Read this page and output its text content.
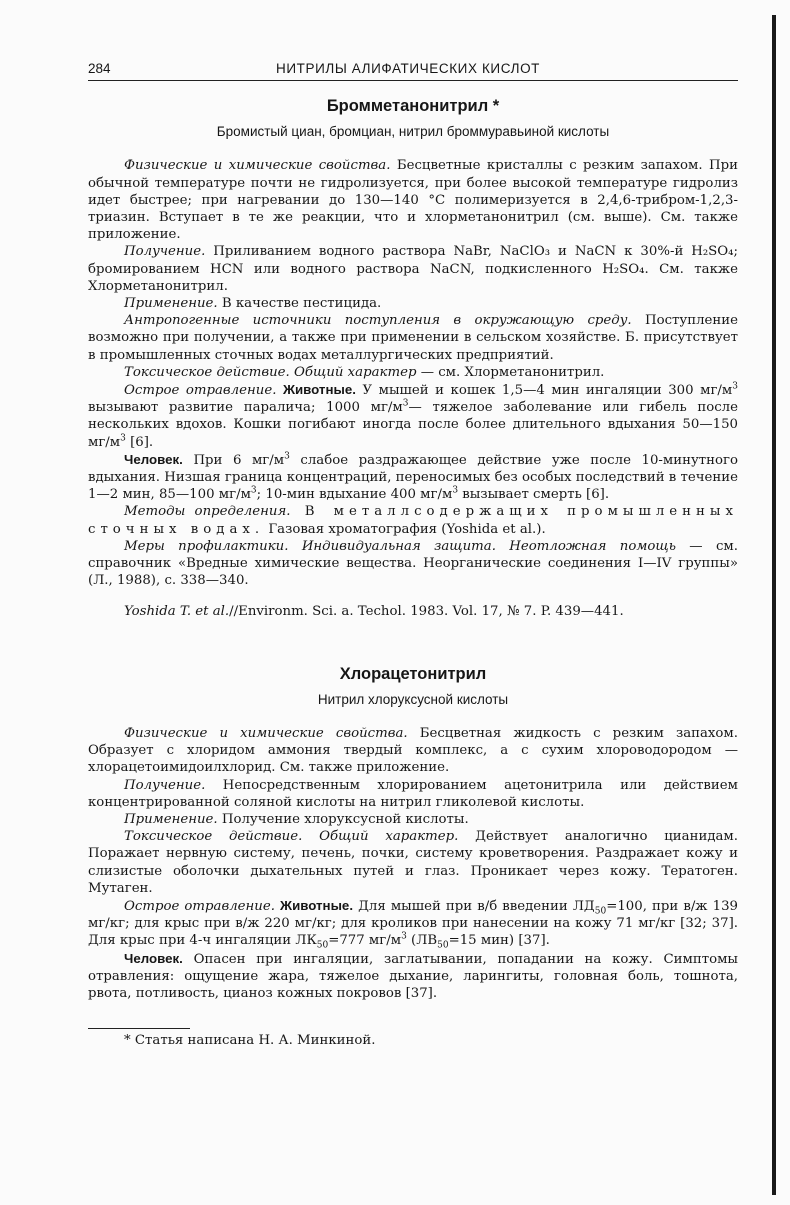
284	НИТРИЛЫ АЛИФАТИЧЕСКИХ КИСЛОТ
Бромметанонитрил *
Бромистый циан, бромциан, нитрил броммуравьиной кислоты

Физические и химические свойства. Бесцветные кристаллы с резким запахом. При обычной температуре почти не гидролизуется, при более высокой температуре гидролиз идет быстрее; при нагревании до 130—140 °C полимеризуется в 2,4,6-трибром-1,2,3-триазин. Вступает в те же реакции, что и хлорметанонитрил (см. выше). См. также приложение.

Получение. Приливанием водного раствора NaBr, NaClO₃ и NaCN к 30%-й H₂SO₄; бромированием HCN или водного раствора NaCN, подкисленного H₂SO₄. См. также Хлорметанонитрил.

Применение. В качестве пестицида.

Антропогенные источники поступления в окружающую среду. Поступление возможно при получении, а также при применении в сельском хозяйстве. Б. присутствует в промышленных сточных водах металлургических предприятий.

Токсическое действие. Общий характер — см. Хлорметанонитрил.

Острое отравление. Животные. У мышей и кошек 1,5—4 мин ингаляции 300 $мг/м^3$ вызывают развитие паралича; 1000 $мг/м^3—$ тяжелое заболевание или гибель после нескольких вдохов. Кошки погибают иногда после более длительного вдыхания 50—150 $мг/м^3$ [6].

Человек. При 6 $мг/м^3$ слабое раздражающее действие уже после 10-минутного вдыхания. Низшая граница концентраций, переносимых без особых последствий в течение 1—2 мин, 85—100 $мг/м^3$; 10-мин вдыхание 400 $мг/м^3$ вызывает смерть [6].

Методы определения. В металлсодержащих промышленных сточных водах. Газовая хроматография (Yoshida et al.).

Меры профилактики. Индивидуальная защита. Неотложная помощь — см. справочник «Вредные химические вещества. Неорганические соединения I—IV группы» (Л., 1988), с. 338—340.

Yoshida T. et al.//Environm. Sci. a. Techol. 1983. Vol. 17, № 7. P. 439—441.

Хлорацетонитрил
Нитрил хлоруксусной кислоты

Физические и химические свойства. Бесцветная жидкость с резким запахом. Образует с хлоридом аммония твердый комплекс, а с сухим хлороводородом — хлорацетоимидоилхлорид. См. также приложение.

Получение. Непосредственным хлорированием ацетонитрила или действием концентрированной соляной кислоты на нитрил гликолевой кислоты.

Применение. Получение хлоруксусной кислоты.

Токсическое действие. Общий характер. Действует аналогично цианидам. Поражает нервную систему, печень, почки, систему кроветворения. Раздражает кожу и слизистые оболочки дыхательных путей и глаз. Проникает через кожу. Тератоген. Мутаген.

Острое отравление. Животные. Для мышей при в/б введении $ЛД_{50}=100$, при в/ж 139 мг/кг; для крыс при в/ж 220 мг/кг; для кроликов при нанесении на кожу 71 мг/кг [32; 37]. Для крыс при 4-ч ингаляции $ЛК_{50}=777$ $мг/м^3$ ($ЛВ_{50}=15$ мин) [37].

Человек. Опасен при ингаляции, заглатывании, попадании на кожу. Симптомы отравления: ощущение жара, тяжелое дыхание, ларингиты, головная боль, тошнота, рвота, потливость, цианоз кожных покровов [37].

* Статья написана Н. А. Минкиной.
